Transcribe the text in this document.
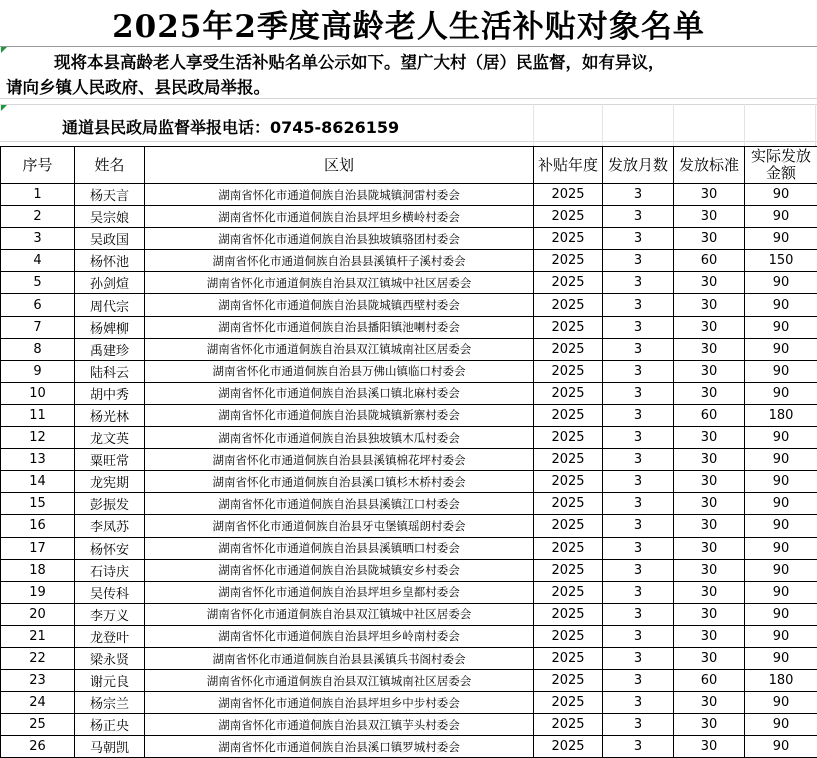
2025年2季度高龄老人生活补贴对象名单
现将本县高龄老人享受生活补贴名单公示如下。望广大村（居）民监督，如有异议，
请向乡镇人民政府、县民政局举报。
通道县民政局监督举报电话：0745-8626159
序号	姓名	区划	补贴年度	发放月数	发放标准	实际发放金额
1	杨天言	湖南省怀化市通道侗族自治县陇城镇洞雷村委会	2025	3	30	90
2	吴宗娘	湖南省怀化市通道侗族自治县坪坦乡横岭村委会	2025	3	30	90
3	吴政国	湖南省怀化市通道侗族自治县独坡镇骆团村委会	2025	3	30	90
4	杨怀池	湖南省怀化市通道侗族自治县县溪镇杆子溪村委会	2025	3	60	150
5	孙剑煊	湖南省怀化市通道侗族自治县双江镇城中社区居委会	2025	3	30	90
6	周代宗	湖南省怀化市通道侗族自治县陇城镇西壁村委会	2025	3	30	90
7	杨婢柳	湖南省怀化市通道侗族自治县播阳镇池喇村委会	2025	3	30	90
8	禹建珍	湖南省怀化市通道侗族自治县双江镇城南社区居委会	2025	3	30	90
9	陆科云	湖南省怀化市通道侗族自治县万佛山镇临口村委会	2025	3	30	90
10	胡中秀	湖南省怀化市通道侗族自治县溪口镇北麻村委会	2025	3	30	90
11	杨光林	湖南省怀化市通道侗族自治县陇城镇新寨村委会	2025	3	60	180
12	龙文英	湖南省怀化市通道侗族自治县独坡镇木瓜村委会	2025	3	30	90
13	粟旺常	湖南省怀化市通道侗族自治县县溪镇棉花坪村委会	2025	3	30	90
14	龙宪期	湖南省怀化市通道侗族自治县溪口镇杉木桥村委会	2025	3	30	90
15	彭振发	湖南省怀化市通道侗族自治县县溪镇江口村委会	2025	3	30	90
16	李凤苏	湖南省怀化市通道侗族自治县牙屯堡镇瑶朗村委会	2025	3	30	90
17	杨怀安	湖南省怀化市通道侗族自治县县溪镇晒口村委会	2025	3	30	90
18	石诗庆	湖南省怀化市通道侗族自治县陇城镇安乡村委会	2025	3	30	90
19	吴传科	湖南省怀化市通道侗族自治县坪坦乡皇都村委会	2025	3	30	90
20	李万义	湖南省怀化市通道侗族自治县双江镇城中社区居委会	2025	3	30	90
21	龙登叶	湖南省怀化市通道侗族自治县坪坦乡岭南村委会	2025	3	30	90
22	梁永贤	湖南省怀化市通道侗族自治县县溪镇兵书阁村委会	2025	3	30	90
23	谢元良	湖南省怀化市通道侗族自治县双江镇城南社区居委会	2025	3	60	180
24	杨宗兰	湖南省怀化市通道侗族自治县坪坦乡中步村委会	2025	3	30	90
25	杨正央	湖南省怀化市通道侗族自治县双江镇芋头村委会	2025	3	30	90
26	马朝凯	湖南省怀化市通道侗族自治县溪口镇罗城村委会	2025	3	30	90
